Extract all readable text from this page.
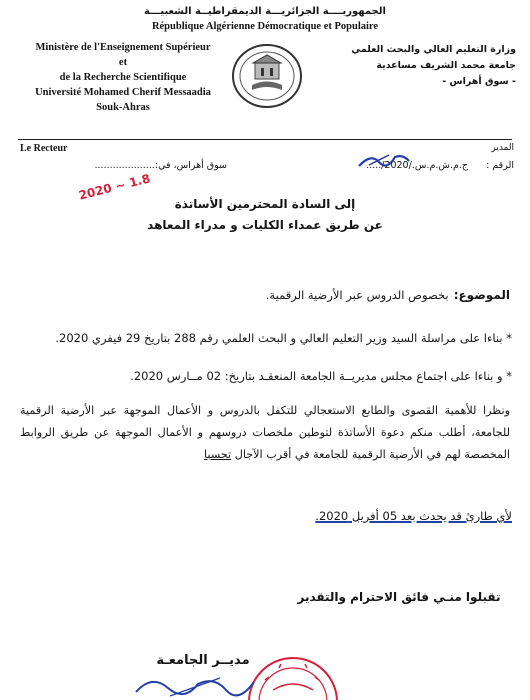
الجمهوريــــة الجزائريـــة الديمقراطيــة الشعبيـــة
République Algérienne Démocratique et Populaire
Ministère de l'Enseignement Supérieur
et
de la Recherche Scientifique
Université Mohamed Cherif Messaadia
Souk-Ahras
وزارة التعليم العالي والبحث العلمي
جامعة محمد الشريف مساعدية
- سوق أهراس -
Le Recteur	المدير
سوق أهراس، في:....................	...../ج.م.ش.م.س./2020 الرقم :
2020 ~ 1.8
إلى السادة المحترمين الأساتذة
عن طريق عمداء الكليات و مدراء المعاهد
الموضوع: بخصوص الدروس عبر الأرضية الرقمية.
* بناءا على مراسلة السيد وزير التعليم العالي و البحث العلمي رقم 288 بتاريخ 29 فيفري 2020.
* و بناءا على اجتماع مجلس مديريــة الجامعة المنعقـد بتاريخ: 02 مــارس 2020.
ونظرا للأهمية القصوى والطابع الاستعجالي للتكفل بالدروس و الأعمال الموجهة عبر الأرضية الرقمية للجامعة، أطلب منكم دعوة الأساتذة لتوطين ملخصات دروسهم و الأعمال الموجهة عن طريق الروابط المخصصة لهم في الأرضية الرقمية للجامعة في أقرب الآجال تحسبا
لأي طارئ قد يحدث بعد 05 أفريل 2020.
تقبلوا منـي فائق الاحترام والتقدير
مديــر الجامعـة
